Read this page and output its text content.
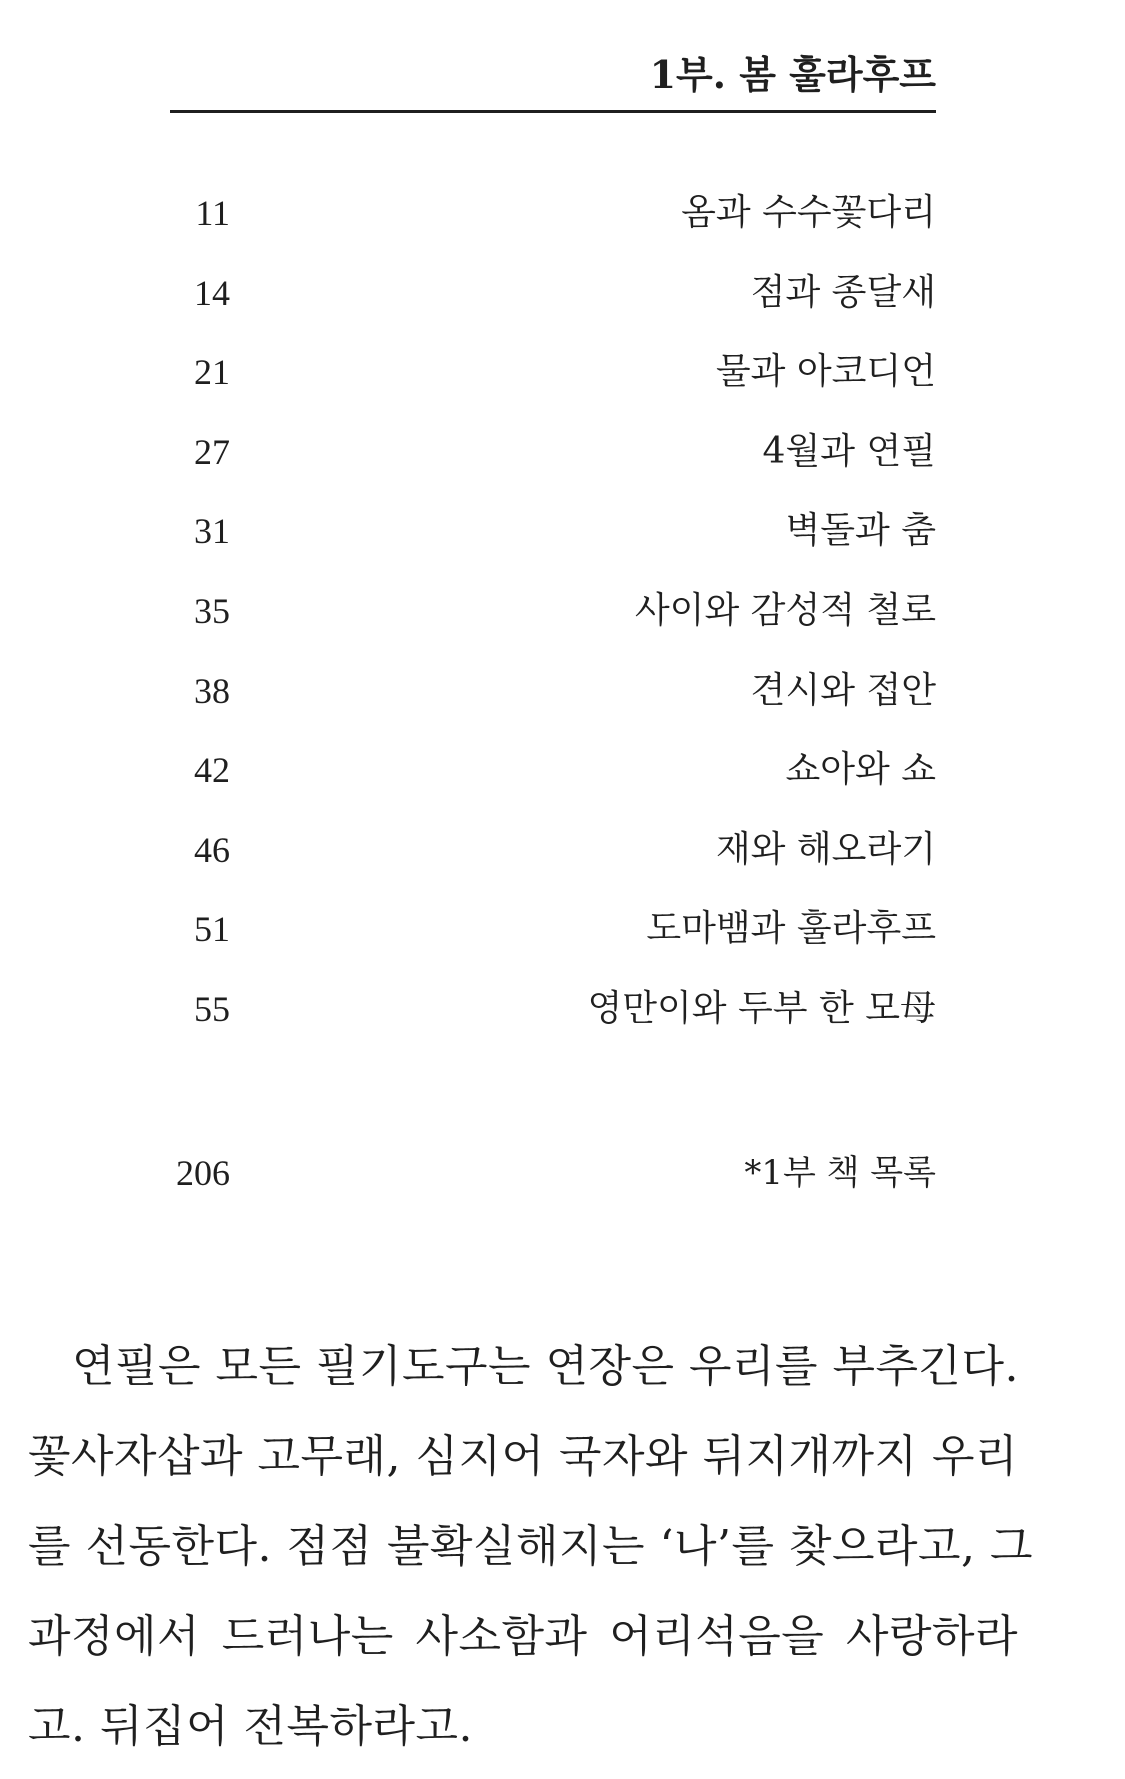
1부. 봄 훌라후프
11	옴과 수수꽃다리
14	점과 종달새
21	물과 아코디언
27	4월과 연필
31	벽돌과 춤
35	사이와 감성적 철로
38	견시와 접안
42	쇼아와 쇼
46	재와 해오라기
51	도마뱀과 훌라후프
55	영만이와 두부 한 모母
206	*1부 책 목록
연필은 모든 필기도구는 연장은 우리를 부추긴다.
꽃사자삽과 고무래, 심지어 국자와 뒤지개까지 우리
를 선동한다. 점점 불확실해지는 ‘나’를 찾으라고, 그
과정에서 드러나는 사소함과 어리석음을 사랑하라
고. 뒤집어 전복하라고.
